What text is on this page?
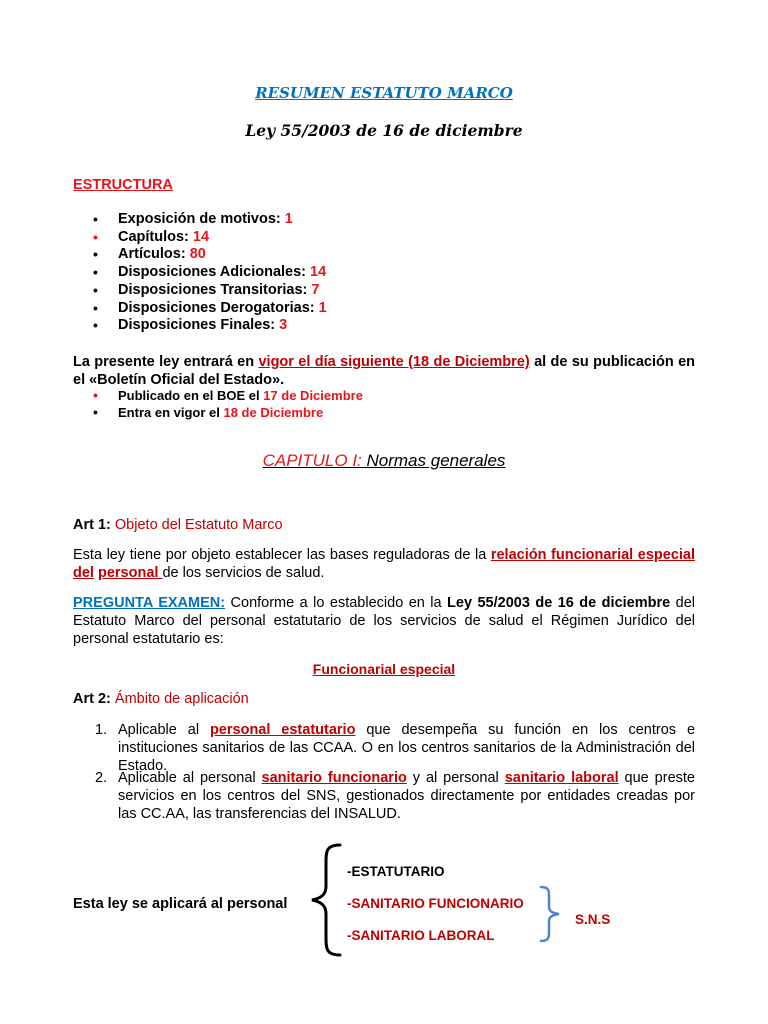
RESUMEN ESTATUTO MARCO
Ley 55/2003 de 16 de diciembre
ESTRUCTURA
• Exposición de motivos: 1
• Capítulos: 14
• Artículos: 80
• Disposiciones Adicionales: 14
• Disposiciones Transitorias: 7
• Disposiciones Derogatorias: 1
• Disposiciones Finales: 3
La presente ley entrará en vigor el día siguiente (18 de Diciembre) al de su publicación en el «Boletín Oficial del Estado».
• Publicado en el BOE el 17 de Diciembre
• Entra en vigor el 18 de Diciembre
CAPITULO I: Normas generales
Art 1: Objeto del Estatuto Marco
Esta ley tiene por objeto establecer las bases reguladoras de la relación funcionarial especial del personal de los servicios de salud.
PREGUNTA EXAMEN: Conforme a lo establecido en la Ley 55/2003 de 16 de diciembre del Estatuto Marco del personal estatutario de los servicios de salud el Régimen Jurídico del personal estatutario es:
Funcionarial especial
Art 2: Ámbito de aplicación
1. Aplicable al personal estatutario que desempeña su función en los centros e instituciones sanitarios de las CCAA. O en los centros sanitarios de la Administración del Estado.
2. Aplicable al personal sanitario funcionario y al personal sanitario laboral que preste servicios en los centros del SNS, gestionados directamente por entidades creadas por las CC.AA, las transferencias del INSALUD.
Esta ley se aplicará al personal
-ESTATUTARIO
-SANITARIO FUNCIONARIO
-SANITARIO LABORAL
S.N.S
